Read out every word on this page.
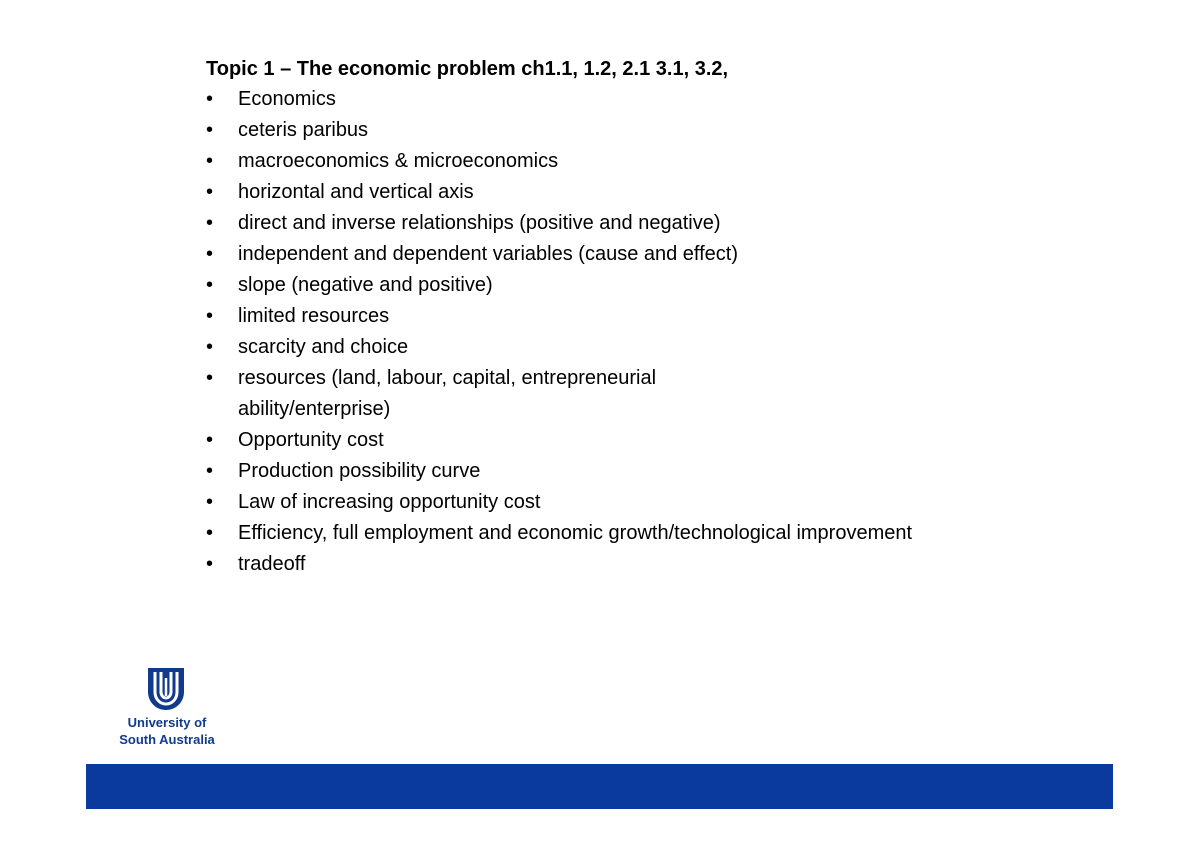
Topic 1 – The economic problem ch1.1, 1.2, 2.1 3.1, 3.2,
•	Economics
•	ceteris paribus
•	macroeconomics & microeconomics
•	horizontal and vertical axis
•	direct and inverse relationships (positive and negative)
•	independent and dependent variables (cause and effect)
•	slope (negative and positive)
•	limited resources
•	scarcity and choice
•	resources (land, labour, capital, entrepreneurial ability/enterprise)
•	Opportunity cost
•	Production possibility curve
•	Law of increasing opportunity cost
•	Efficiency, full employment and economic growth/technological improvement
•	tradeoff
University of
South Australia
